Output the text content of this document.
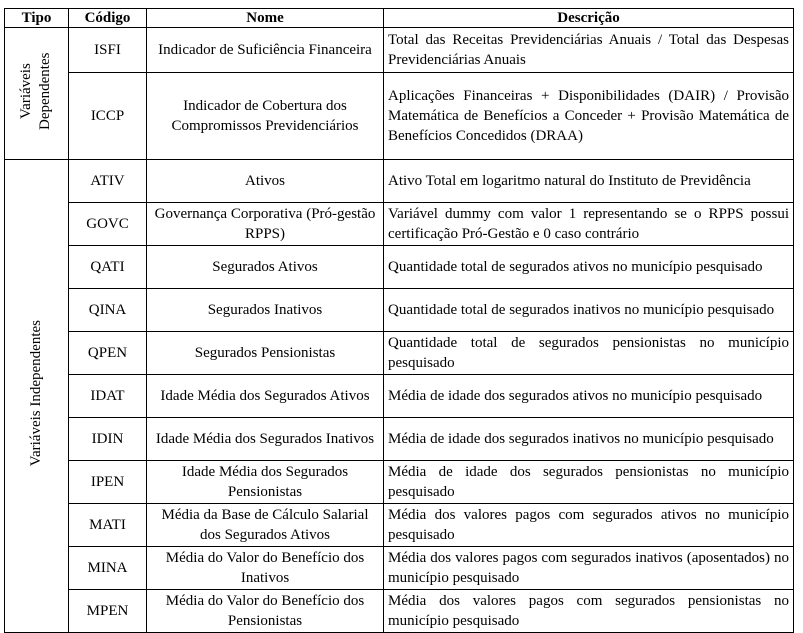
Tipo	Código	Nome	Descrição
Variáveis Dependentes	ISFI	Indicador de Suficiência Financeira	Total das Receitas Previdenciárias Anuais / Total das Despesas Previdenciárias Anuais
	ICCP	Indicador de Cobertura dos Compromissos Previdenciários	Aplicações Financeiras + Disponibilidades (DAIR) / Provisão Matemática de Benefícios a Conceder + Provisão Matemática de Benefícios Concedidos (DRAA)
Variáveis Independentes	ATIV	Ativos	Ativo Total em logaritmo natural do Instituto de Previdência
	GOVC	Governança Corporativa (Pró-gestão RPPS)	Variável dummy com valor 1 representando se o RPPS possui certificação Pró-Gestão e 0 caso contrário
	QATI	Segurados Ativos	Quantidade total de segurados ativos no município pesquisado
	QINA	Segurados Inativos	Quantidade total de segurados inativos no município pesquisado
	QPEN	Segurados Pensionistas	Quantidade total de segurados pensionistas no município pesquisado
	IDAT	Idade Média dos Segurados Ativos	Média de idade dos segurados ativos no município pesquisado
	IDIN	Idade Média dos Segurados Inativos	Média de idade dos segurados inativos no município pesquisado
	IPEN	Idade Média dos Segurados Pensionistas	Média de idade dos segurados pensionistas no município pesquisado
	MATI	Média da Base de Cálculo Salarial dos Segurados Ativos	Média dos valores pagos com segurados ativos no município pesquisado
	MINA	Média do Valor do Benefício dos Inativos	Média dos valores pagos com segurados inativos (aposentados) no município pesquisado
	MPEN	Média do Valor do Benefício dos Pensionistas	Média dos valores pagos com segurados pensionistas no município pesquisado
